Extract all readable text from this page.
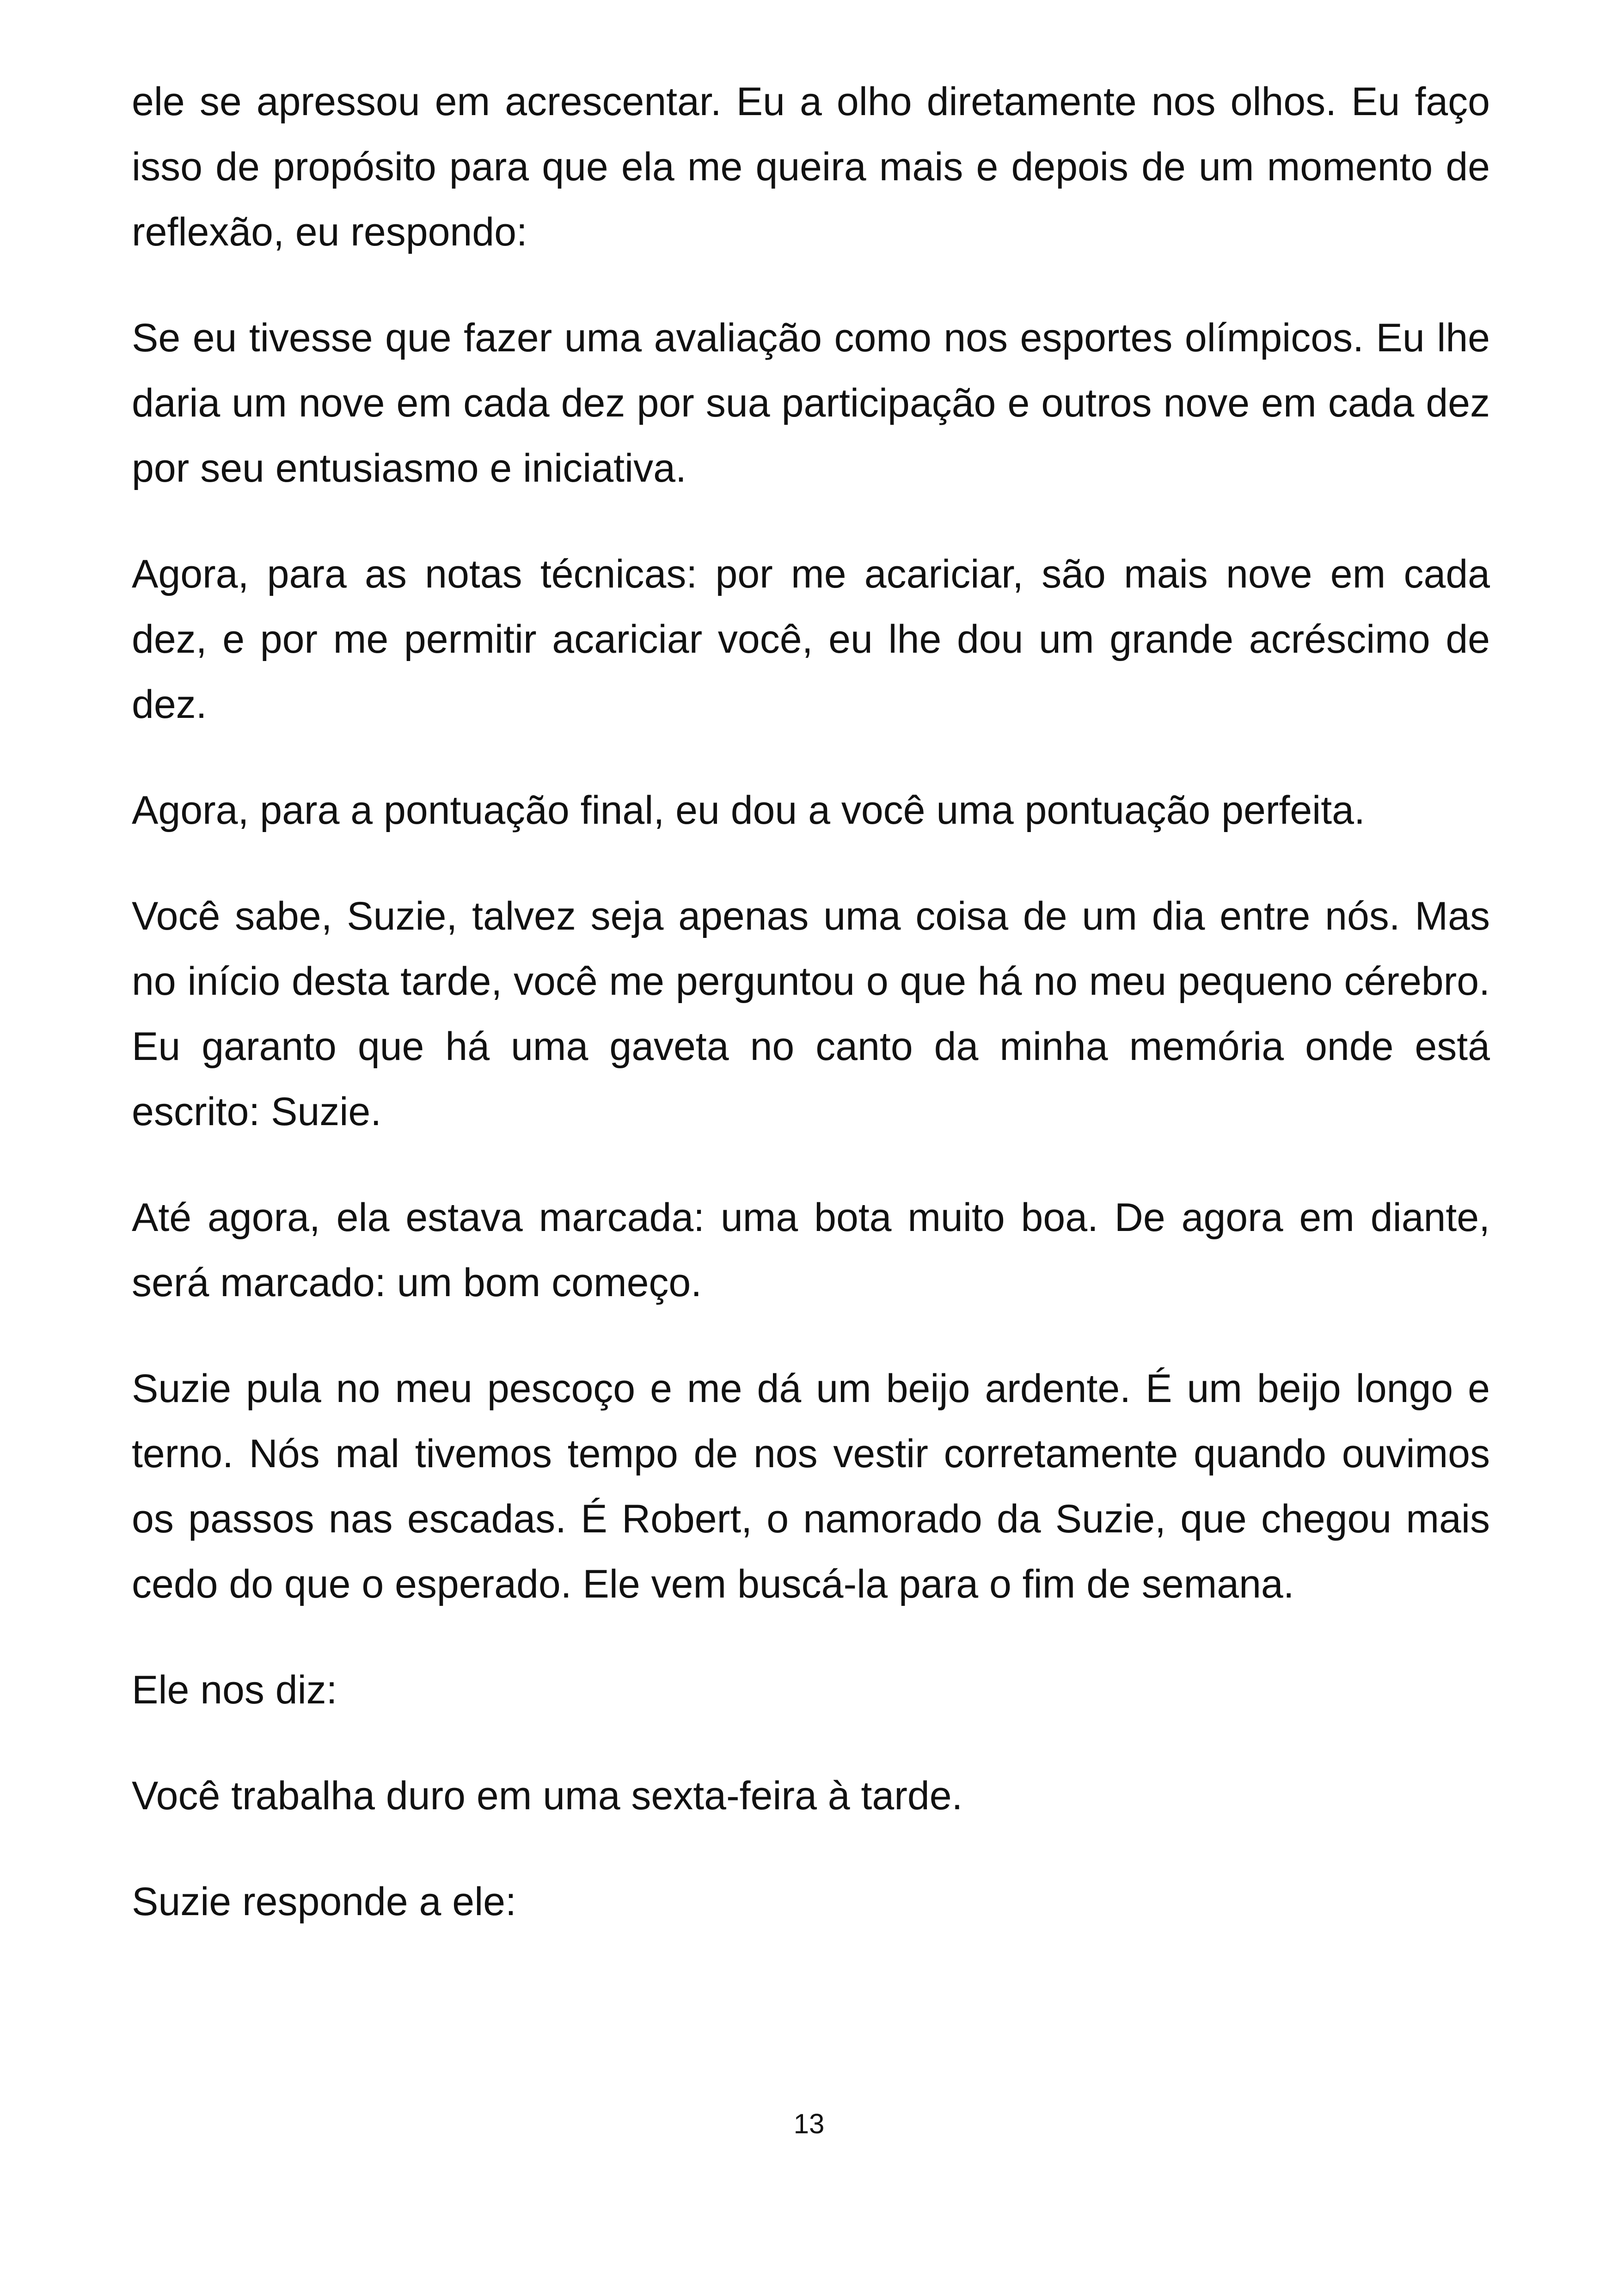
ele se apressou em acrescentar. Eu a olho diretamente nos olhos. Eu faço isso de propósito para que ela me queira mais e depois de um momento de reflexão, eu respondo:

Se eu tivesse que fazer uma avaliação como nos esportes olímpicos. Eu lhe daria um nove em cada dez por sua participação e outros nove em cada dez por seu entusiasmo e iniciativa.

Agora, para as notas técnicas: por me acariciar, são mais nove em cada dez, e por me permitir acariciar você, eu lhe dou um grande acréscimo de dez.

Agora, para a pontuação final, eu dou a você uma pontuação perfeita.

Você sabe, Suzie, talvez seja apenas uma coisa de um dia entre nós. Mas no início desta tarde, você me perguntou o que há no meu pequeno cérebro. Eu garanto que há uma gaveta no canto da minha memória onde está escrito: Suzie.

Até agora, ela estava marcada: uma bota muito boa. De agora em diante, será marcado: um bom começo.

Suzie pula no meu pescoço e me dá um beijo ardente. É um beijo longo e terno. Nós mal tivemos tempo de nos vestir corretamente quando ouvimos os passos nas escadas. É Robert, o namorado da Suzie, que chegou mais cedo do que o esperado. Ele vem buscá-la para o fim de semana.

Ele nos diz:

Você trabalha duro em uma sexta-feira à tarde.

Suzie responde a ele:

13
